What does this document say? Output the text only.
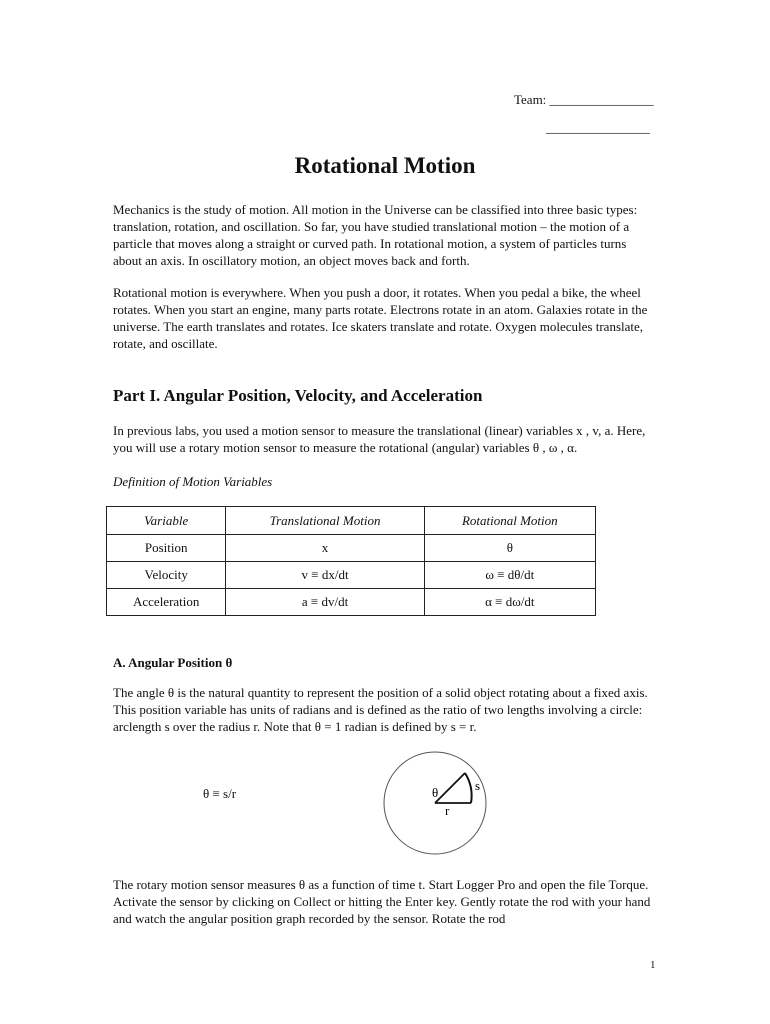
Team: ________________
________________
Rotational Motion

Mechanics is the study of motion. All motion in the Universe can be classified into three basic types: translation, rotation, and oscillation. So far, you have studied translational motion – the motion of a particle that moves along a straight or curved path. In rotational motion, a system of particles turns about an axis. In oscillatory motion, an object moves back and forth.

Rotational motion is everywhere. When you push a door, it rotates. When you pedal a bike, the wheel rotates. When you start an engine, many parts rotate. Electrons rotate in an atom. Galaxies rotate in the universe. The earth translates and rotates. Ice skaters translate and rotate. Oxygen molecules translate, rotate, and oscillate.

Part I. Angular Position, Velocity, and Acceleration

In previous labs, you used a motion sensor to measure the translational (linear) variables x , v, a. Here, you will use a rotary motion sensor to measure the rotational (angular) variables θ , ω , α.

Definition of Motion Variables
Variable	Translational Motion	Rotational Motion
Position	x	θ
Velocity	v ≡ dx/dt	ω ≡ dθ/dt
Acceleration	a ≡ dv/dt	α ≡ dω/dt
A. Angular Position θ

The angle θ is the natural quantity to represent the position of a solid object rotating about a fixed axis. This position variable has units of radians and is defined as the ratio of two lengths involving a circle: arclength s over the radius r. Note that θ = 1 radian is defined by s = r.

θ ≡ s/r	θ	s
r

The rotary motion sensor measures θ as a function of time t. Start Logger Pro and open the file Torque. Activate the sensor by clicking on Collect or hitting the Enter key. Gently rotate the rod with your hand and watch the angular position graph recorded by the sensor. Rotate the rod

1
